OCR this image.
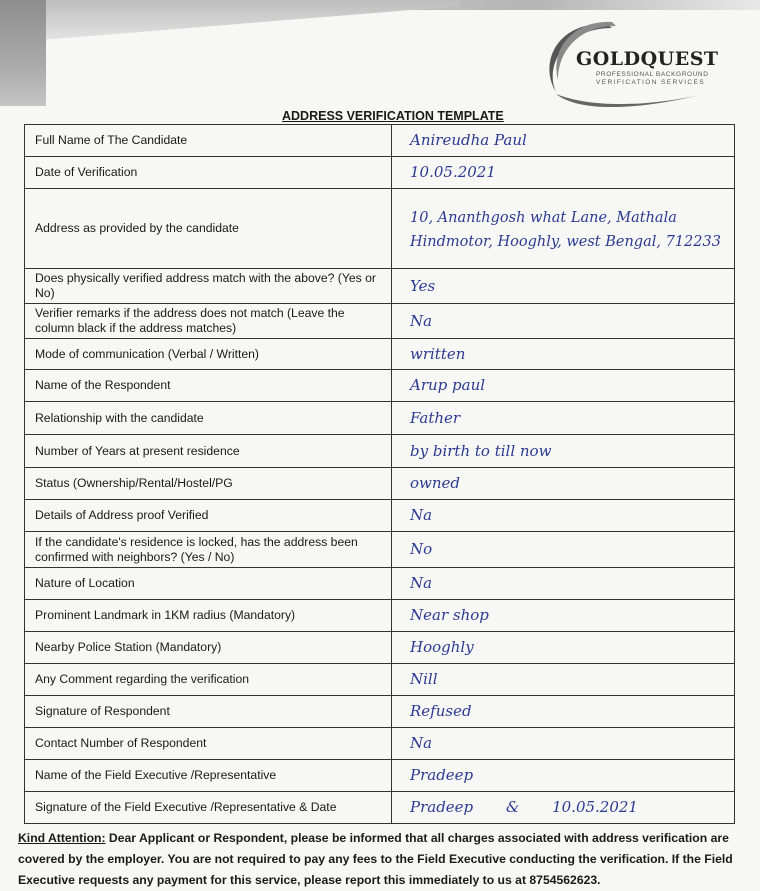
GOLDQUEST
PROFESSIONAL BACKGROUND
VERIFICATION SERVICES
ADDRESS VERIFICATION TEMPLATE
Full Name of The Candidate	Anireudha Paul
Date of Verification	10.05.2021
Address as provided by the candidate	10, Ananthgosh what Lane, Mathala Hindmotor, Hooghly, west Bengal, 712233

Does physically verified address match with the above? (Yes or No)	Yes
Verifier remarks if the address does not match (Leave the column black if the address matches)	Na
Mode of communication (Verbal / Written)	written
Name of the Respondent	Arup paul
Relationship with the candidate	Father
Number of Years at present residence	by birth to till now
Status (Ownership/Rental/Hostel/PG	owned
Details of Address proof Verified	Na
If the candidate's residence is locked, has the address been confirmed with neighbors? (Yes / No)	No
Nature of Location	Na
Prominent Landmark in 1KM radius (Mandatory)	Near shop
Nearby Police Station (Mandatory)	Hooghly
Any Comment regarding the verification	Nill
Signature of Respondent	Refused
Contact Number of Respondent	Na
Name of the Field Executive /Representative	Pradeep
Signature of the Field Executive /Representative & Date	Pradeep & 10.05.2021
Kind Attention: Dear Applicant or Respondent, please be informed that all charges associated with address verification are covered by the employer. You are not required to pay any fees to the Field Executive conducting the verification. If the Field Executive requests any payment for this service, please report this immediately to us at 8754562623.
